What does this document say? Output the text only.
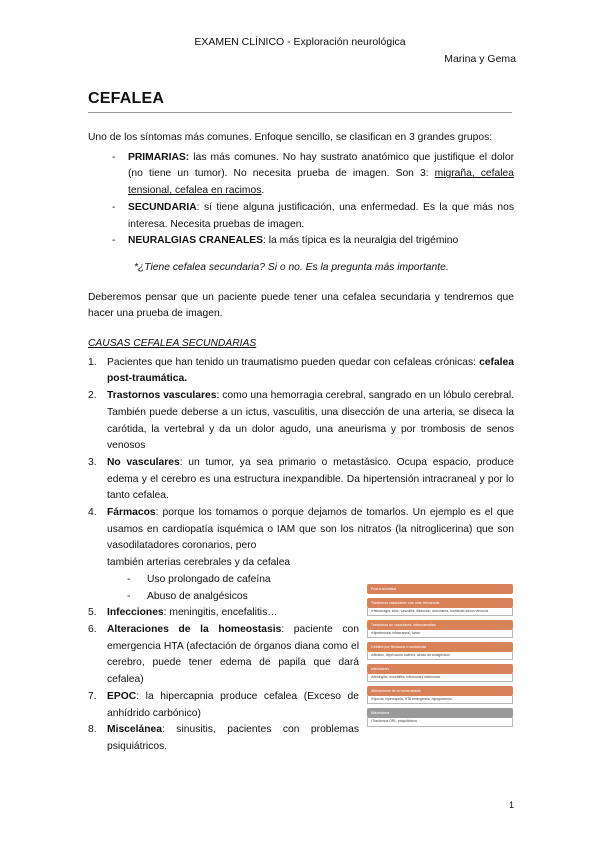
EXAMEN CLÍNICO - Exploración neurológica
Marina y Gema
CEFALEA

Uno de los síntomas más comunes. Enfoque sencillo, se clasifican en 3 grandes grupos:

- PRIMARIAS: las más comunes. No hay sustrato anatómico que justifique el dolor (no tiene un tumor). No necesita prueba de imagen. Son 3: migraña, cefalea tensional, cefalea en racimos.
- SECUNDARIA: sí tiene alguna justificación, una enfermedad. Es la que más nos interesa. Necesita pruebas de imagen.
- NEURALGIAS CRANEALES: la más típica es la neuralgia del trigémino

*¿Tiene cefalea secundaria? Si o no. Es la pregunta más importante.

Deberemos pensar que un paciente puede tener una cefalea secundaria y tendremos que hacer una prueba de imagen.

CAUSAS CEFALEA SECUNDARIAS

1. Pacientes que han tenido un traumatismo pueden quedar con cefaleas crónicas: cefalea post-traumática.
2. Trastornos vasculares: como una hemorragia cerebral, sangrado en un lóbulo cerebral. También puede deberse a un ictus, vasculitis, una disección de una arteria, se diseca la carótida, la vertebral y da un dolor agudo, una aneurisma y por trombosis de senos venosos
3. No vasculares: un tumor, ya sea primario o metastásico. Ocupa espacio, produce edema y el cerebro es una estructura inexpandible. Da hipertensión intracraneal y por lo tanto cefalea.
4. Fármacos: porque los tomamos o porque dejamos de tomarlos. Un ejemplo es el que usamos en cardiopatía isquémica o IAM que son los nitratos (la nitroglicerina) que son vasodilatadores coronarios, pero
también arterias cerebrales y da cefalea
- Uso prolongado de cafeína
- Abuso de analgésicos
5. Infecciones: meningitis, encefalitis…
6. Alteraciones de la homeostasis: paciente con emergencia HTA (afectación de órganos diana como el cerebro, puede tener edema de papila que dará cefalea)
7. EPOC: la hipercapnia produce cefalea (Exceso de anhídrido carbónico)
8. Miscelánea: sinusitis, pacientes con problemas psiquiátricos.
Post-traumática
Trastornos vasculares: con más frecuencia
•Hemorragia, ictus, vasculitis, disección, aneurisma, trombosis senos venosos
Trastornos no vasculares: intracraneales
•Hipertensión intracraneal, tumor
Cefalea por fármacos o sustancias
•Nitratos, deprivación cafeína, abuso de analgésicos
Infecciones
•Meningitis, encefalitis, infecciones sistémicas
Alteraciones de la homeostasis
•Hipoxia, hipercapnia, HTA emergencia, hipoglucemia
Miscelánea
•Trastornos ORL, psiquiátricos
1
